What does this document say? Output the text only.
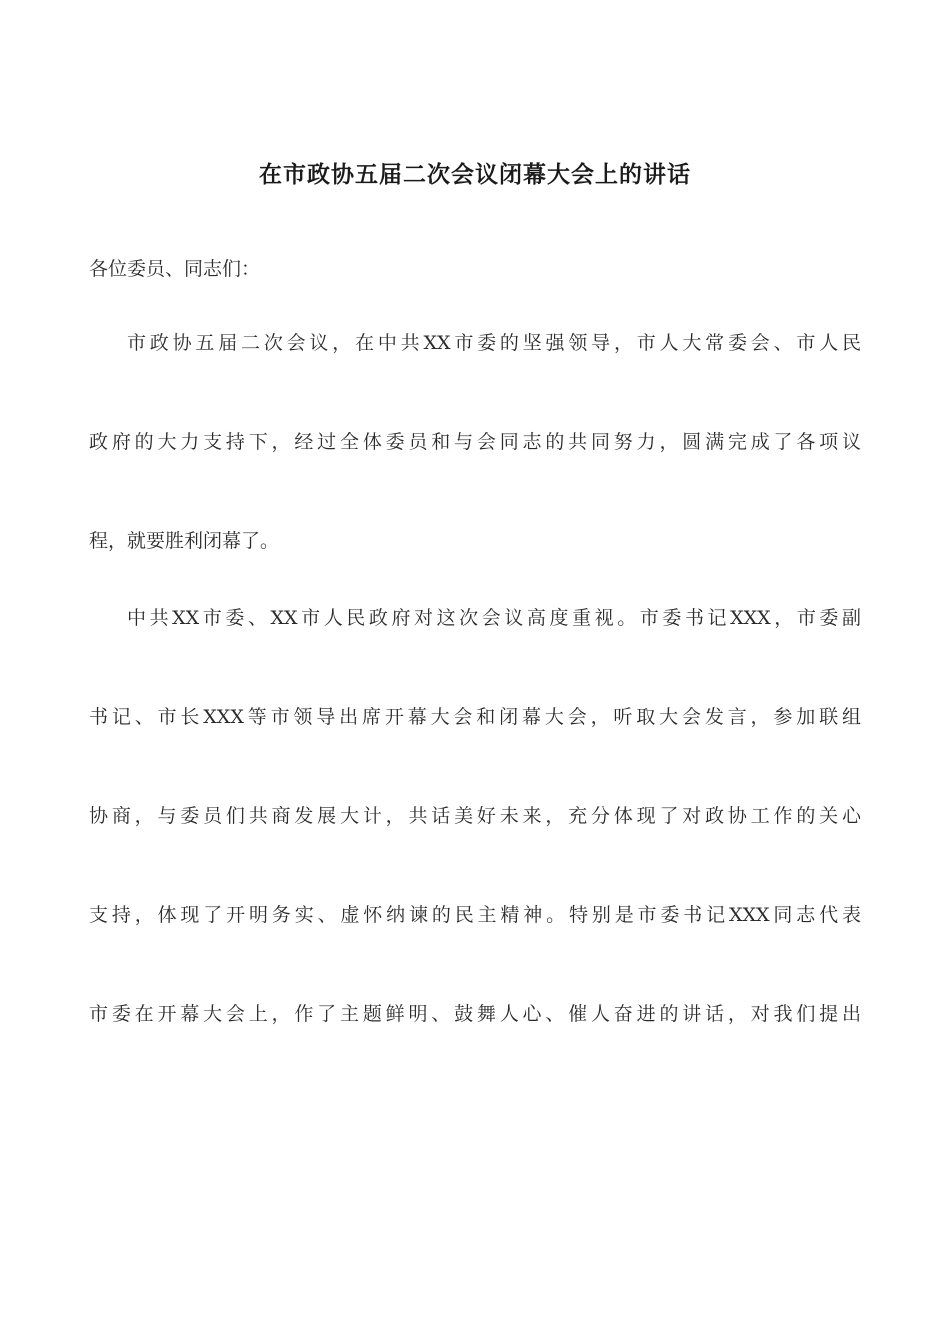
在市政协五届二次会议闭幕大会上的讲话
各位委员、同志们：
市政协五届二次会议，在中共XX市委的坚强领导，市人大常委会、市人民
政府的大力支持下，经过全体委员和与会同志的共同努力，圆满完成了各项议
程，就要胜利闭幕了。
中共XX市委、XX市人民政府对这次会议高度重视。市委书记XXX，市委副
书记、市长XXX等市领导出席开幕大会和闭幕大会，听取大会发言，参加联组
协商，与委员们共商发展大计，共话美好未来，充分体现了对政协工作的关心
支持，体现了开明务实、虚怀纳谏的民主精神。特别是市委书记XXX同志代表
市委在开幕大会上，作了主题鲜明、鼓舞人心、催人奋进的讲话，对我们提出
